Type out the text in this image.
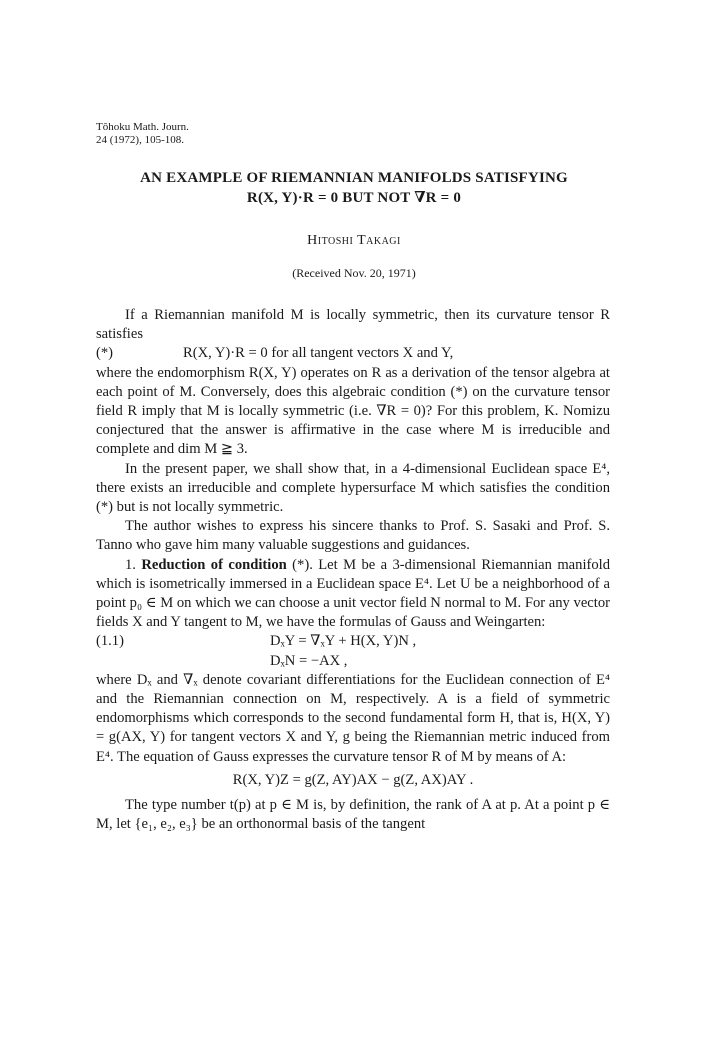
Tôhoku Math. Journ.
24 (1972), 105-108.
AN EXAMPLE OF RIEMANNIAN MANIFOLDS SATISFYING
R(X, Y)·R = 0 BUT NOT ∇R = 0
Hitoshi Takagi
(Received Nov. 20, 1971)

If a Riemannian manifold M is locally symmetric, then its curvature tensor R satisfies

(*)	R(X, Y)·R = 0 for all tangent vectors X and Y,

where the endomorphism R(X, Y) operates on R as a derivation of the tensor algebra at each point of M. Conversely, does this algebraic condition (*) on the curvature tensor field R imply that M is locally symmetric (i.e. ∇R = 0)? For this problem, K. Nomizu conjectured that the answer is affirmative in the case where M is irreducible and complete and dim M ≧ 3.

In the present paper, we shall show that, in a 4-dimensional Euclidean space E⁴, there exists an irreducible and complete hypersurface M which satisfies the condition (*) but is not locally symmetric.

The author wishes to express his sincere thanks to Prof. S. Sasaki and Prof. S. Tanno who gave him many valuable suggestions and guidances.

1. Reduction of condition (*). Let M be a 3-dimensional Riemannian manifold which is isometrically immersed in a Euclidean space E⁴. Let U be a neighborhood of a point p₀ ∈ M on which we can choose a unit vector field N normal to M. For any vector fields X and Y tangent to M, we have the formulas of Gauss and Weingarten:

(1.1)	DₓY = ∇ₓY + H(X, Y)N ,
DₓN = −AX ,

where Dₓ and ∇ₓ denote covariant differentiations for the Euclidean connection of E⁴ and the Riemannian connection on M, respectively. A is a field of symmetric endomorphisms which corresponds to the second fundamental form H, that is, H(X, Y) = g(AX, Y) for tangent vectors X and Y, g being the Riemannian metric induced from E⁴. The equation of Gauss expresses the curvature tensor R of M by means of A:

R(X, Y)Z = g(Z, AY)AX − g(Z, AX)AY .

The type number t(p) at p ∈ M is, by definition, the rank of A at p. At a point p ∈ M, let {e₁, e₂, e₃} be an orthonormal basis of the tangent
